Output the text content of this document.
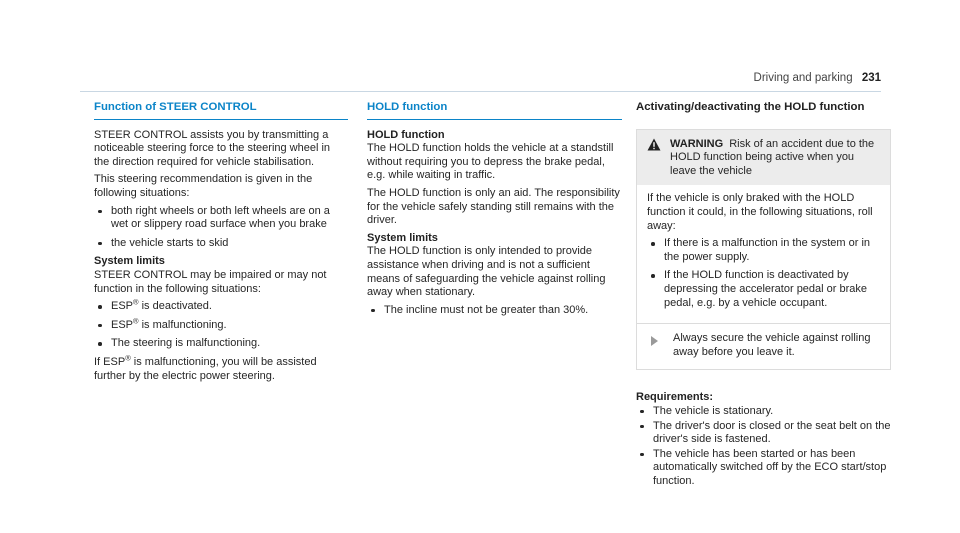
Driving and parking 231
Function of STEER CONTROL

STEER CONTROL assists you by transmitting a noticeable steering force to the steering wheel in the direction required for vehicle stabilisation.

This steering recommendation is given in the following situations:

both right wheels or both left wheels are on a wet or slippery road surface when you brake
the vehicle starts to skid
System limits

STEER CONTROL may be impaired or may not function in the following situations:

ESP® is deactivated.
ESP® is malfunctioning.
The steering is malfunctioning.

If ESP® is malfunctioning, you will be assisted further by the electric power steering.

HOLD function
HOLD function

The HOLD function holds the vehicle at a standstill without requiring you to depress the brake pedal, e.g. while waiting in traffic.

The HOLD function is only an aid. The responsibility for the vehicle safely standing still remains with the driver.

System limits

The HOLD function is only intended to provide assistance when driving and is not a sufficient means of safeguarding the vehicle against rolling away when stationary.

The incline must not be greater than 30%.
Activating/deactivating the HOLD function
WARNING Risk of an accident due to the HOLD function being active when you leave the vehicle

If the vehicle is only braked with the HOLD function it could, in the following situations, roll away:

If there is a malfunction in the system or in the power supply.
If the HOLD function is deactivated by depressing the accelerator pedal or brake pedal, e.g. by a vehicle occupant.
Always secure the vehicle against rolling away before you leave it.
Requirements:
The vehicle is stationary.
The driver's door is closed or the seat belt on the driver's side is fastened.
The vehicle has been started or has been automatically switched off by the ECO start/stop function.
